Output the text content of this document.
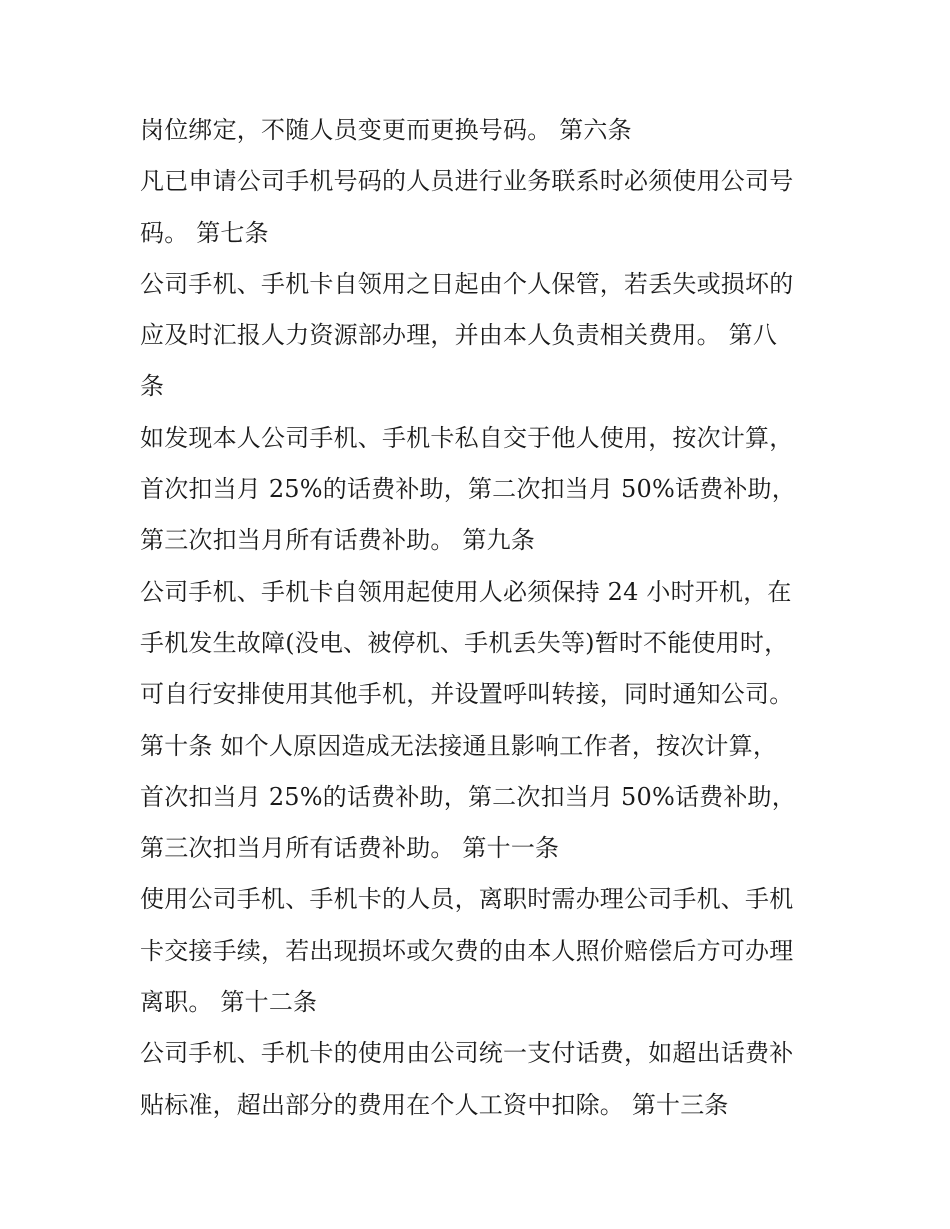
岗位绑定，不随人员变更而更换号码。 第六条
凡已申请公司手机号码的人员进行业务联系时必须使用公司号
码。 第七条
公司手机、手机卡自领用之日起由个人保管，若丢失或损坏的
应及时汇报人力资源部办理，并由本人负责相关费用。 第八
条
如发现本人公司手机、手机卡私自交于他人使用，按次计算，
首次扣当月 25%的话费补助，第二次扣当月 50%话费补助，
第三次扣当月所有话费补助。 第九条
公司手机、手机卡自领用起使用人必须保持 24 小时开机，在
手机发生故障(没电、被停机、手机丢失等)暂时不能使用时，
可自行安排使用其他手机，并设置呼叫转接，同时通知公司。
第十条 如个人原因造成无法接通且影响工作者，按次计算，
首次扣当月 25%的话费补助，第二次扣当月 50%话费补助，
第三次扣当月所有话费补助。 第十一条
使用公司手机、手机卡的人员，离职时需办理公司手机、手机
卡交接手续，若出现损坏或欠费的由本人照价赔偿后方可办理
离职。 第十二条
公司手机、手机卡的使用由公司统一支付话费，如超出话费补
贴标准，超出部分的费用在个人工资中扣除。 第十三条
